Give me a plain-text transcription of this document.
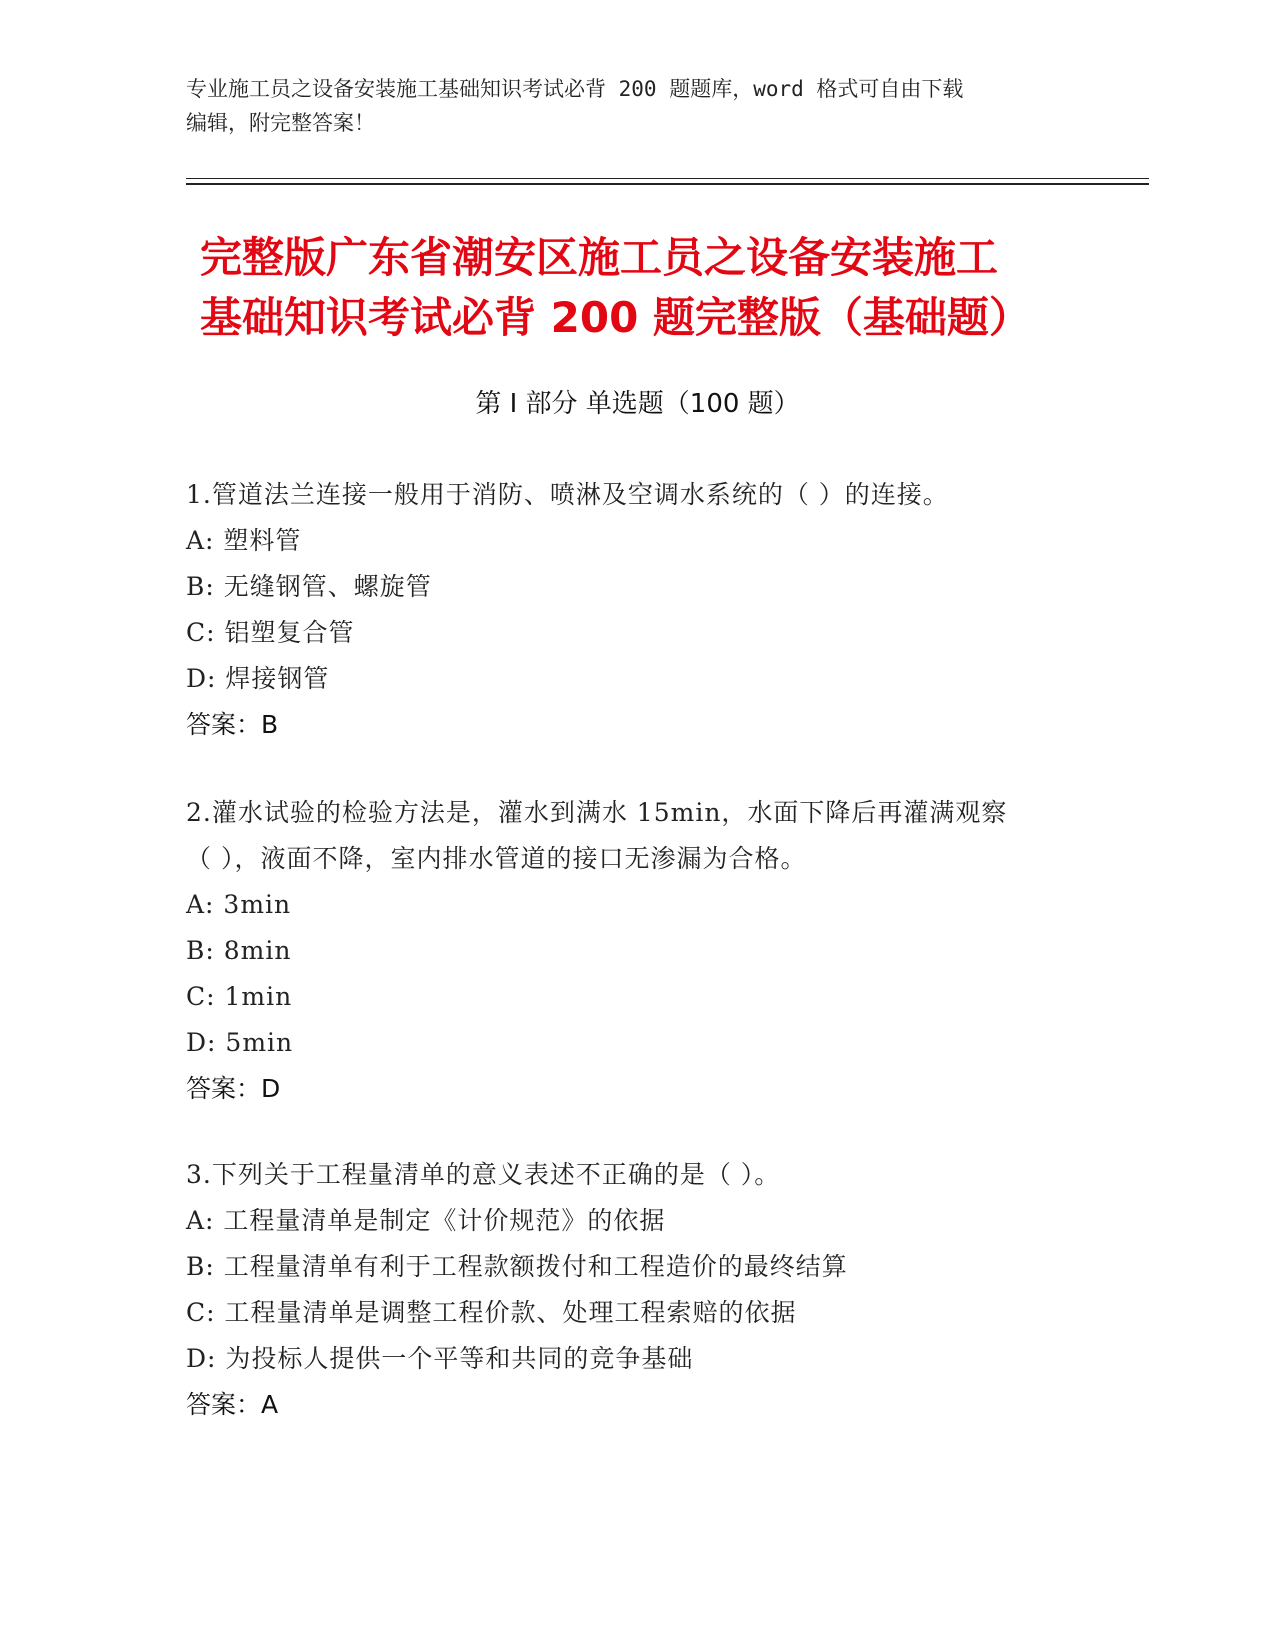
专业施工员之设备安装施工基础知识考试必背 200 题题库，word 格式可自由下载
编辑，附完整答案！
完整版广东省潮安区施工员之设备安装施工
基础知识考试必背 200 题完整版（基础题）
第 I 部分 单选题（100 题）

1.管道法兰连接一般用于消防、喷淋及空调水系统的（ ）的连接。

A: 塑料管

B: 无缝钢管、螺旋管

C: 铝塑复合管

D: 焊接钢管

答案：B

2.灌水试验的检验方法是，灌水到满水 15min，水面下降后再灌满观察

（ ），液面不降，室内排水管道的接口无渗漏为合格。

A: 3min

B: 8min

C: 1min

D: 5min

答案：D

3.下列关于工程量清单的意义表述不正确的是（ ）。

A: 工程量清单是制定《计价规范》的依据

B: 工程量清单有利于工程款额拨付和工程造价的最终结算

C: 工程量清单是调整工程价款、处理工程索赔的依据

D: 为投标人提供一个平等和共同的竞争基础

答案：A
